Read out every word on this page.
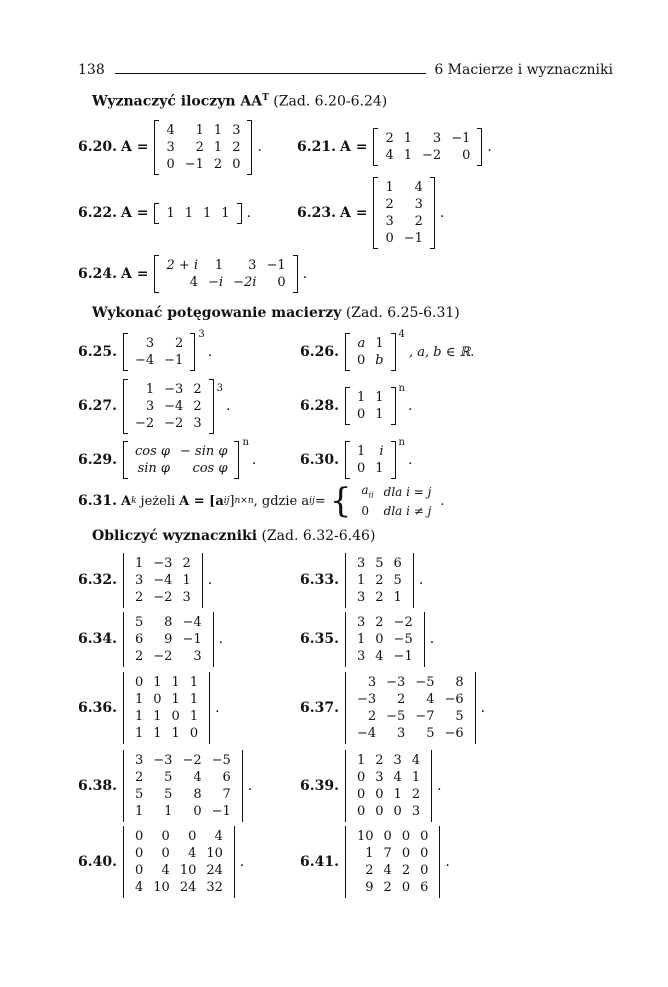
138	6 Macierze i wyznaczniki
Wyznaczyć iloczyn $AA^T$ (Zad. 6.20-6.24)
6.20. A =
4	1	1	3
3	2	1	2
0	−1	2	0
.	6.21. A =
2	1	3	−1
4	1	−2	0
.
6.22. A = 1	1	1	1 .	6.23. A =
1	4
2	3
3	2
0	−1
.
6.24. A =
2 + i	1	3	−1
4	−i	−2i	0
.
Wykonać potęgowanie macierzy (Zad. 6.25-6.31)
6.25.
3	2
−4	−1
3
.	6.26.
a	1
0	b
4
, a, b ∈ ℝ.
6.27.
1	−3	2
3	−4	2
−2	−2	3
3
.	6.28.
1	1
0	1
n
.
6.29.
cos φ	− sin φ
sin φ	cos φ
n
.	6.30.
1	i
0	1
n
.
6.31. A k jeżeli A = [a ij ] n×n , gdzie a ij = { $a_{ii}$	dla i = j
0	dla i ≠ j
.
Obliczyć wyznaczniki (Zad. 6.32-6.46)
6.32.
1	−3	2
3	−4	1
2	−2	3
.	6.33.
3	5	6
1	2	5
3	2	1
.
6.34.
5	8	−4
6	9	−1
2	−2	3
.	6.35.
3	2	−2
1	0	−5
3	4	−1
.
6.36.
0	1	1	1
1	0	1	1
1	1	0	1
1	1	1	0
.	6.37.
3	−3	−5	8
−3	2	4	−6
2	−5	−7	5
−4	3	5	−6
.
6.38.
3	−3	−2	−5
2	5	4	6
5	5	8	7
1	1	0	−1
.	6.39.
1	2	3	4
0	3	4	1
0	0	1	2
0	0	0	3
.
6.40.
0	0	0	4
0	0	4	10
0	4	10	24
4	10	24	32
.	6.41.
10	0	0	0
1	7	0	0
2	4	2	0
9	2	0	6
.
